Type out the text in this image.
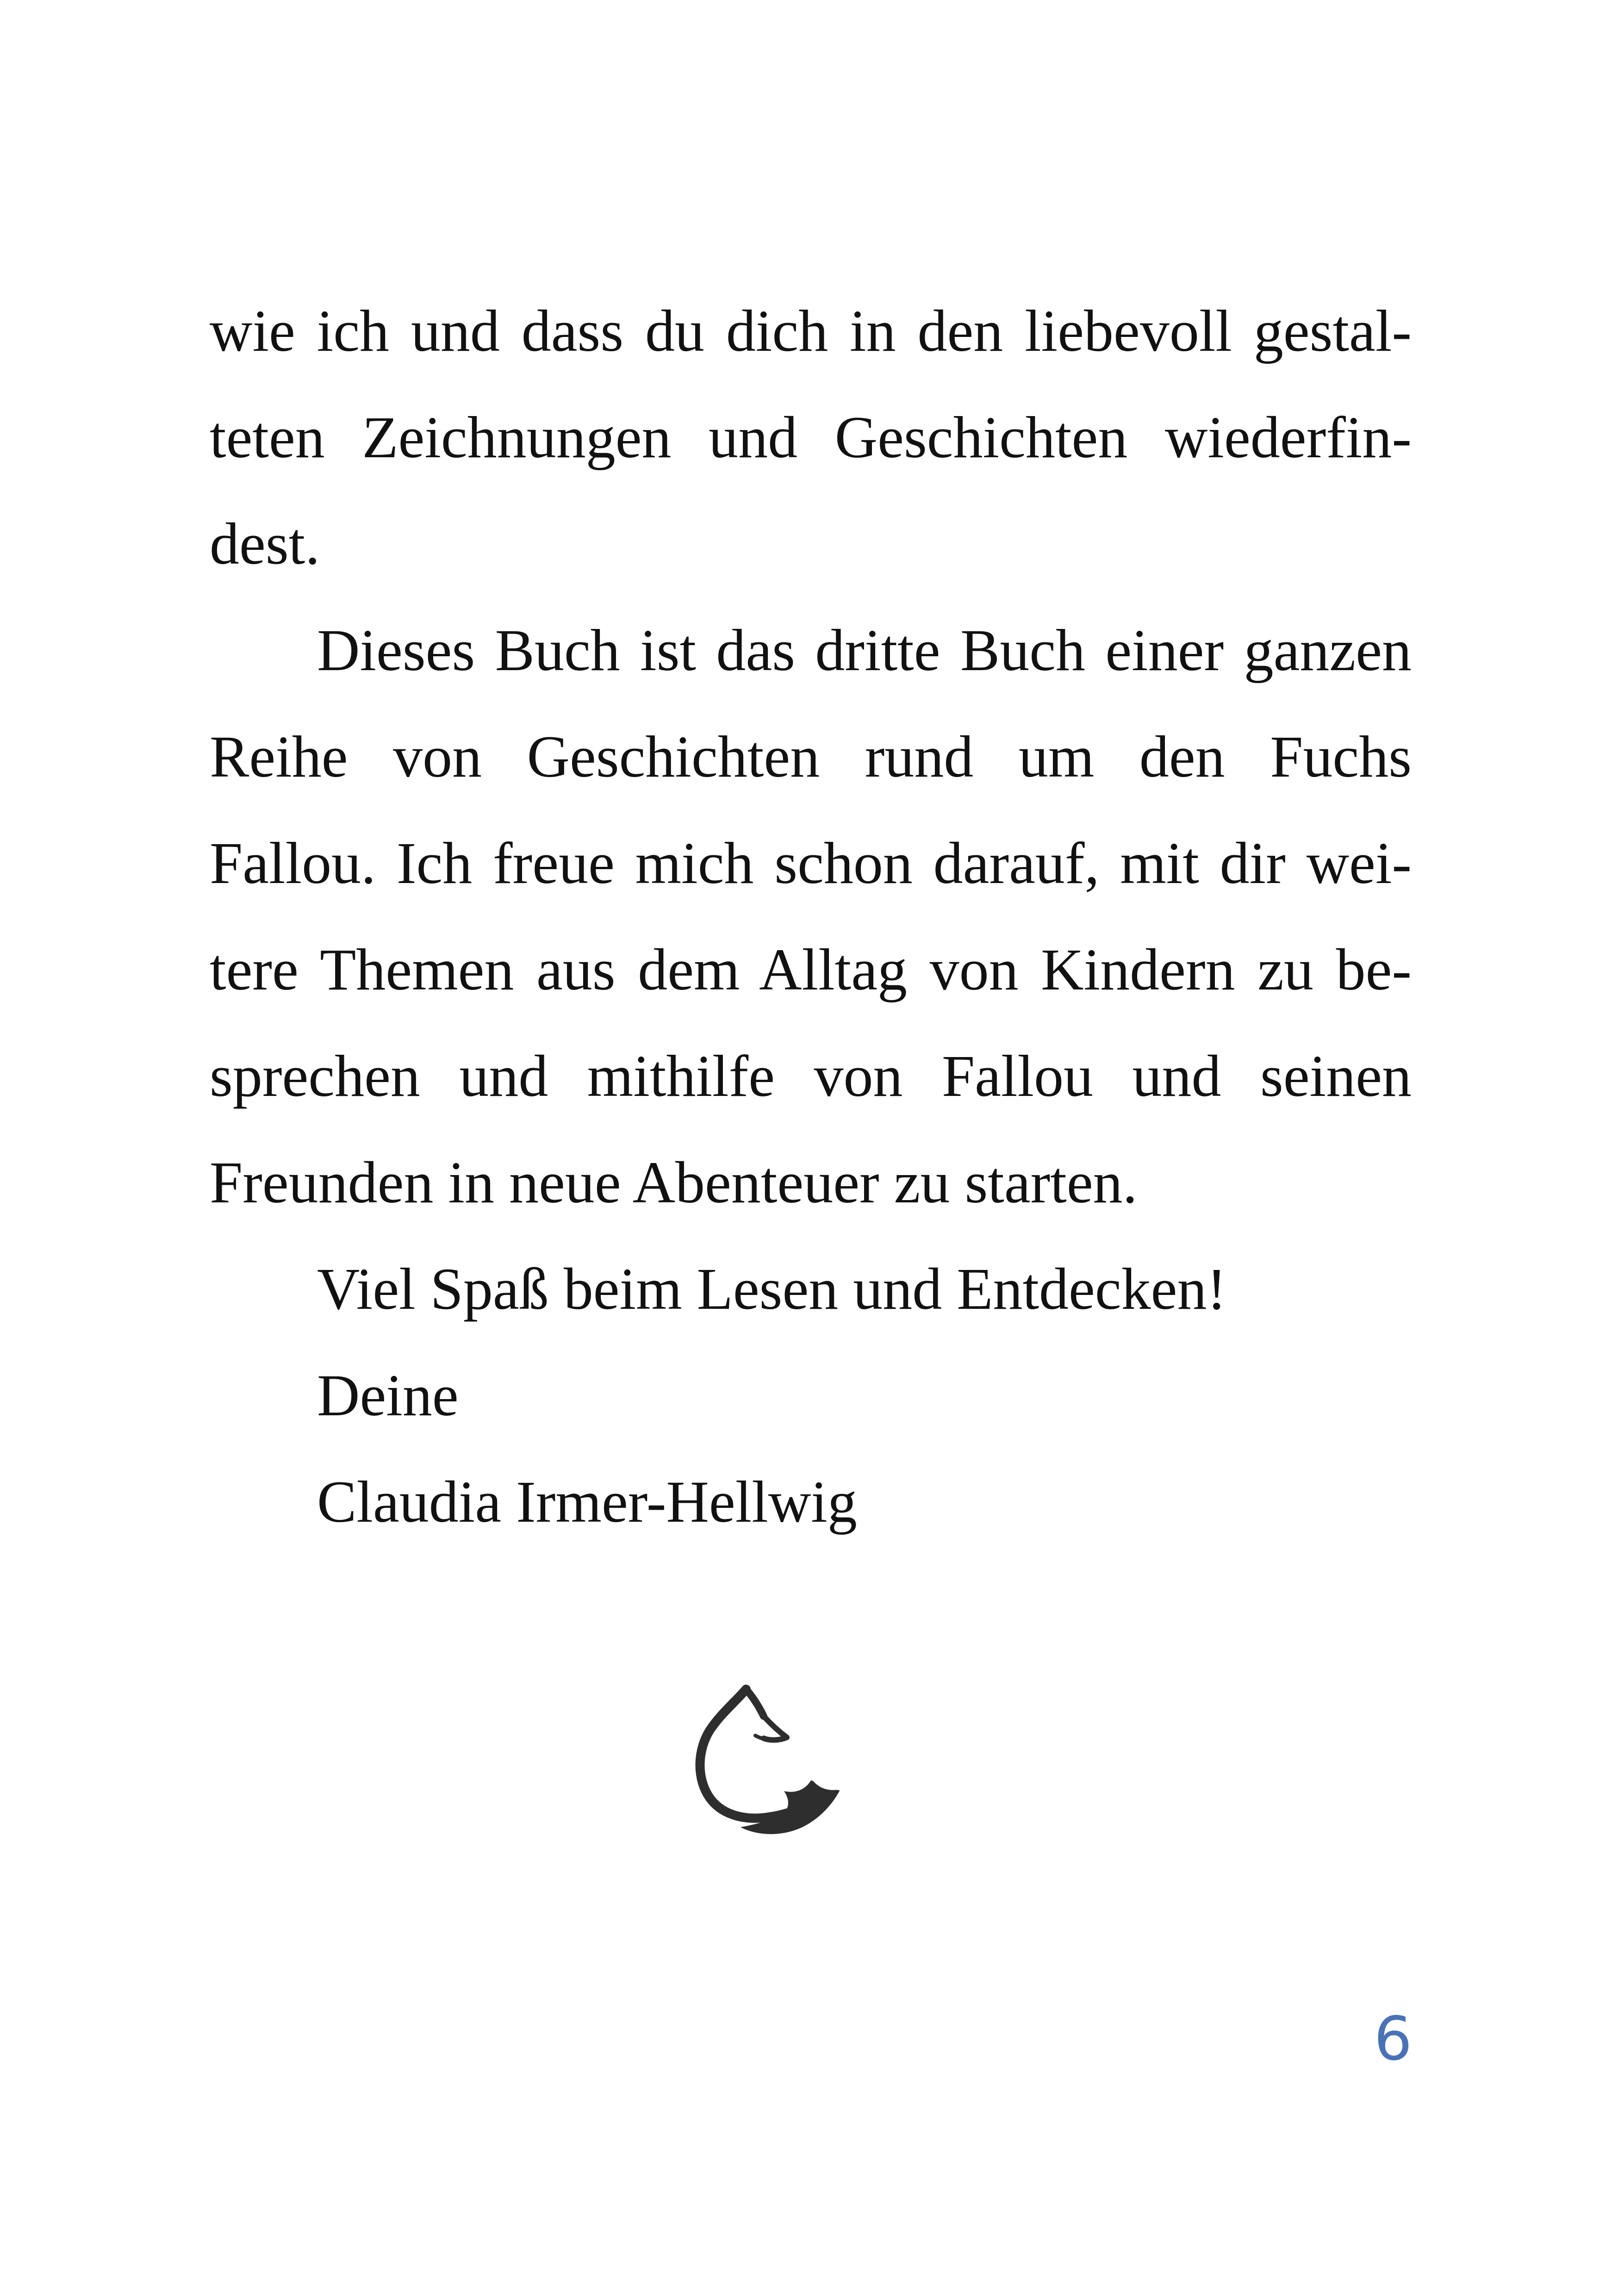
wie ich und dass du dich in den liebevoll gestal-
teten Zeichnungen und Geschichten wiederfin-
dest.
Dieses Buch ist das dritte Buch einer ganzen
Reihe von Geschichten rund um den Fuchs
Fallou. Ich freue mich schon darauf, mit dir wei-
tere Themen aus dem Alltag von Kindern zu be-
sprechen und mithilfe von Fallou und seinen
Freunden in neue Abenteuer zu starten.
Viel Spaß beim Lesen und Entdecken!
Deine
Claudia Irmer-Hellwig
6
